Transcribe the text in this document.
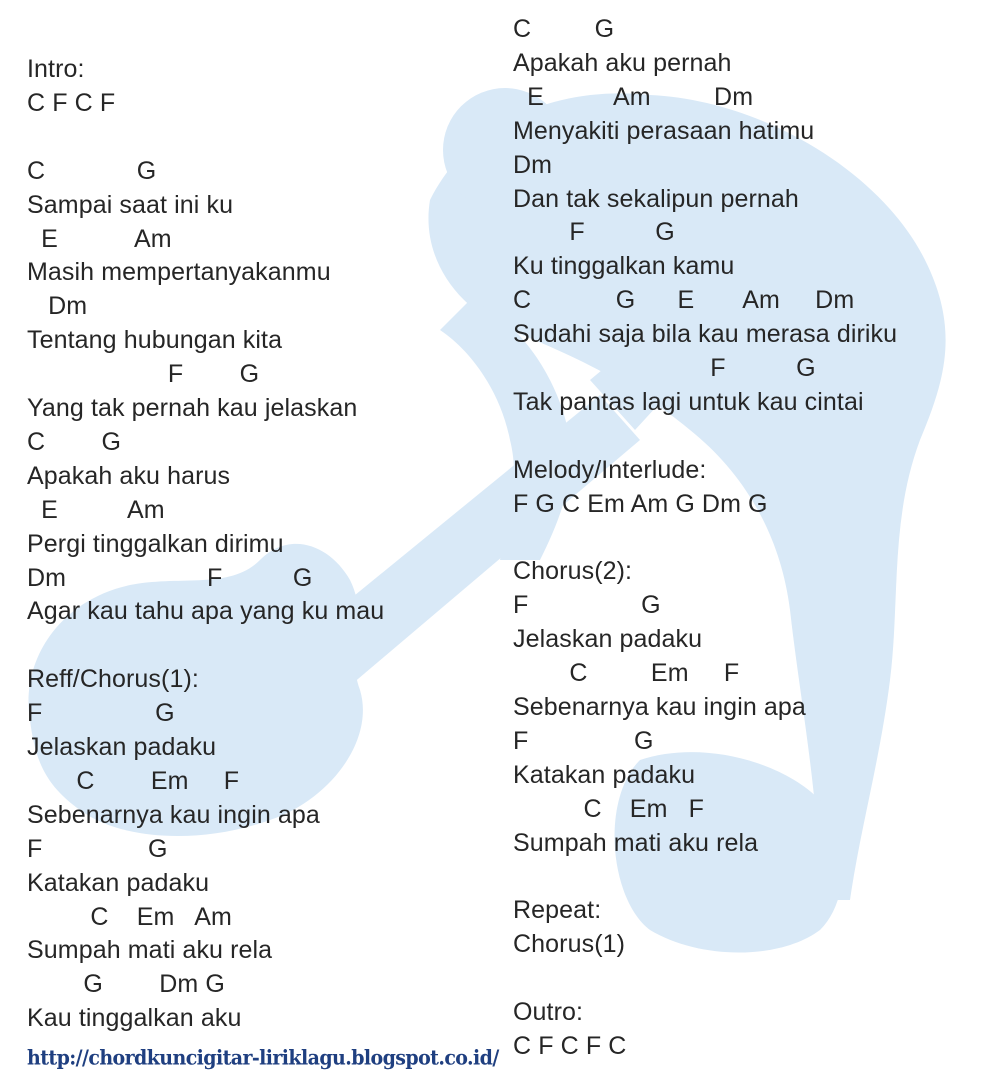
Intro:
C F C F
C             G
Sampai saat ini ku
E           Am
Masih mempertanyakanmu
Dm
Tentang hubungan kita
F        G
Yang tak pernah kau jelaskan
C        G
Apakah aku harus
E          Am
Pergi tinggalkan dirimu
Dm                    F          G
Agar kau tahu apa yang ku mau
Reff/Chorus(1):
F                G
Jelaskan padaku
C        Em     F
Sebenarnya kau ingin apa
F               G
Katakan padaku
C    Em   Am
Sumpah mati aku rela
G        Dm G
Kau tinggalkan aku
C         G
Apakah aku pernah
E          Am         Dm
Menyakiti perasaan hatimu
Dm
Dan tak sekalipun pernah
F          G
Ku tinggalkan kamu
C            G      E       Am     Dm
Sudahi saja bila kau merasa diriku
F          G
Tak pantas lagi untuk kau cintai
Melody/Interlude:
F G C Em Am G Dm G
Chorus(2):
F                G
Jelaskan padaku
C         Em     F
Sebenarnya kau ingin apa
F               G
Katakan padaku
C    Em   F
Sumpah mati aku rela
Repeat:
Chorus(1)
Outro:
C F C F C
http://chordkuncigitar-liriklagu.blogspot.co.id/
